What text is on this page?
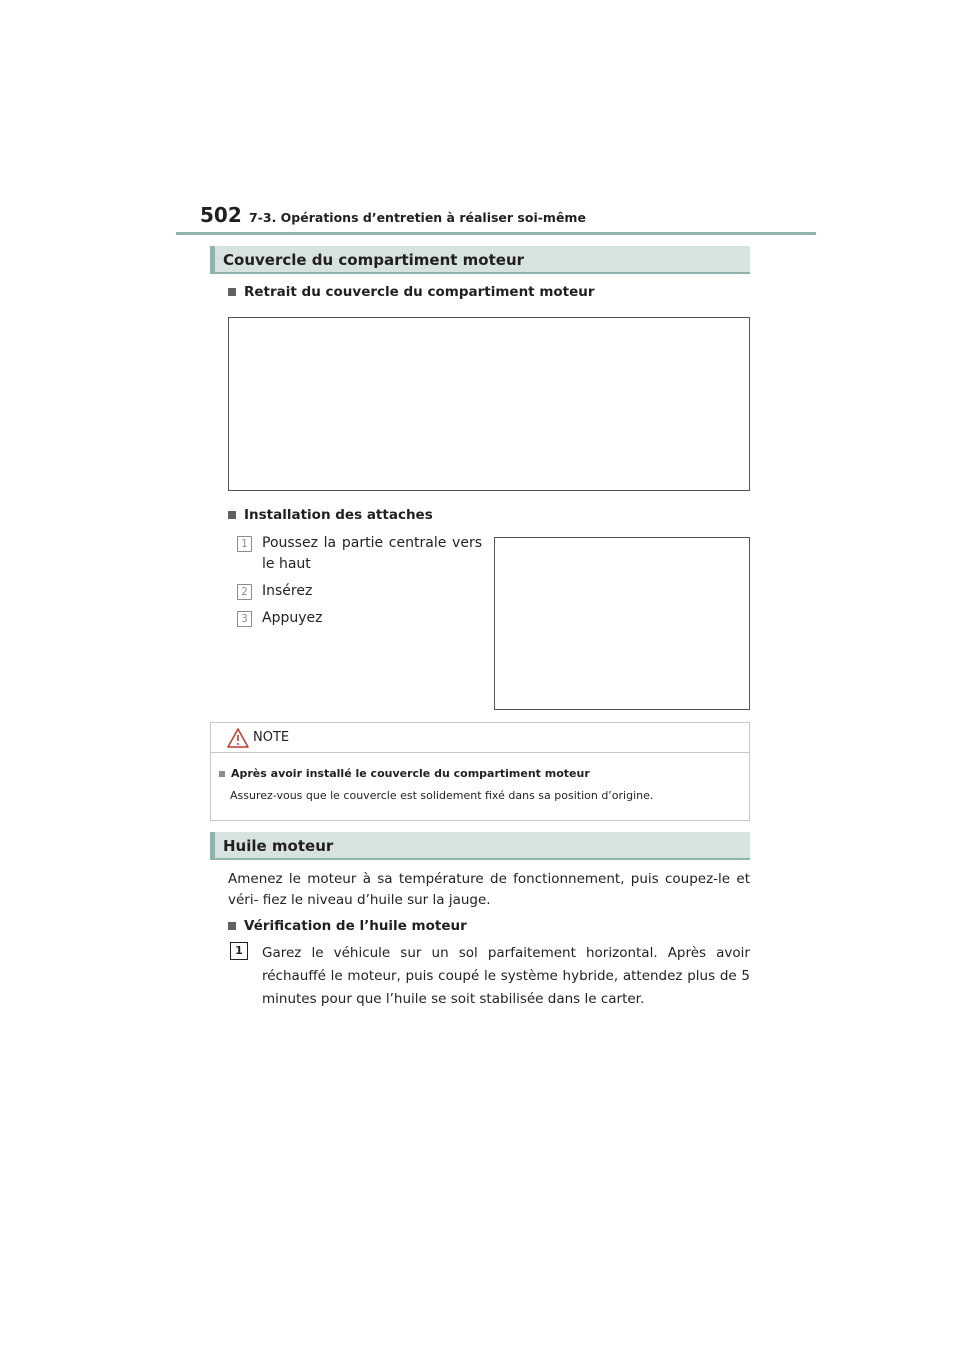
502 7-3. Opérations d’entretien à réaliser soi-même
Couvercle du compartiment moteur
Retrait du couvercle du compartiment moteur
Installation des attaches
1 Poussez la partie centrale vers le haut
2 Insérez
3 Appuyez
NOTE
Après avoir installé le couvercle du compartiment moteur
Assurez-vous que le couvercle est solidement fixé dans sa position d’origine.
Huile moteur
Amenez le moteur à sa température de fonctionnement, puis coupez-le et véri- fiez le niveau d’huile sur la jauge.
Vérification de l’huile moteur
1	Garez le véhicule sur un sol parfaitement horizontal. Après avoir réchauffé le moteur, puis coupé le système hybride, attendez plus de 5 minutes pour que l’huile se soit stabilisée dans le carter.
